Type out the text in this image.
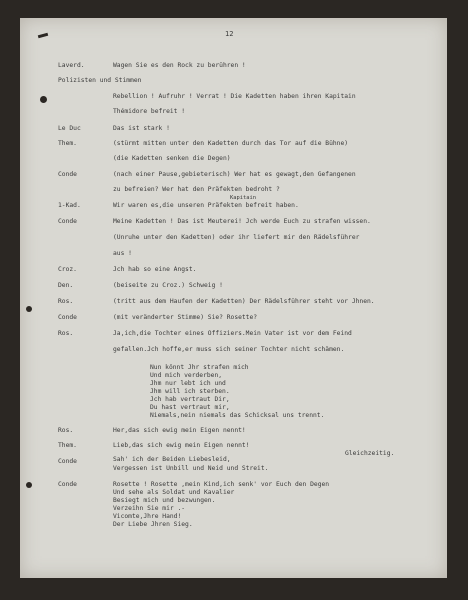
12
Laverd.	Wagen Sie es den Rock zu berühren !
Polizisten und Stimmen
Rebellion ! Aufruhr ! Verrat ! Die Kadetten haben ihren Kapitain
Thémidore befreit !
Le Duc	Das ist stark !
Them.	(stürmt mitten unter den Kadetten durch das Tor auf die Bühne)
(die Kadetten senken die Degen)
Conde	(nach einer Pause,gebieterisch) Wer hat es gewagt,den Gefangenen
zu befreien? Wer hat den Präfekten bedroht ?
Kapitain
1-Kad.	Wir waren es,die unseren Präfekten befreit haben.
Conde	Meine Kadetten ! Das ist Meuterei! Jch werde Euch zu strafen wissen.
(Unruhe unter den Kadetten) oder ihr liefert mir den Rädelsführer
aus !
Croz.	Jch hab so eine Angst.
Den.	(beiseite zu Croz.) Schweig !
Ros.	(tritt aus dem Haufen der Kadetten) Der Rädelsführer steht vor Jhnen.
Conde	(mit veränderter Stimme) Sie? Rosette?
Ros.	Ja,ich,die Tochter eines Offiziers.Mein Vater ist vor dem Feind
gefallen.Jch hoffe,er muss sich seiner Tochter nicht schämen.
Nun könnt Jhr strafen mich
Und mich verderben,
Jhm nur lebt ich und
Jhm will ich sterben.
Jch hab vertraut Dir,
Du hast vertraut mir,
Niemals,nein niemals das Schicksal uns trennt.
Ros.	Her,das sich ewig mein Eigen nennt!
Them.	Lieb,das sich ewig mein Eigen nennt!
Gleichzeitig.
Conde	Sah' ich der Beiden Liebesleid,
Vergessen ist Unbill und Neid und Streit.
Conde	Rosette ! Rosette ,mein Kind,ich senk' vor Euch den Degen
Und sehe als Soldat und Kavalier
Besiegt mich und bezwungen.
Verzeihn Sie mir .-
Vicomte,Jhre Hand!
Der Liebe Jhren Sieg.
